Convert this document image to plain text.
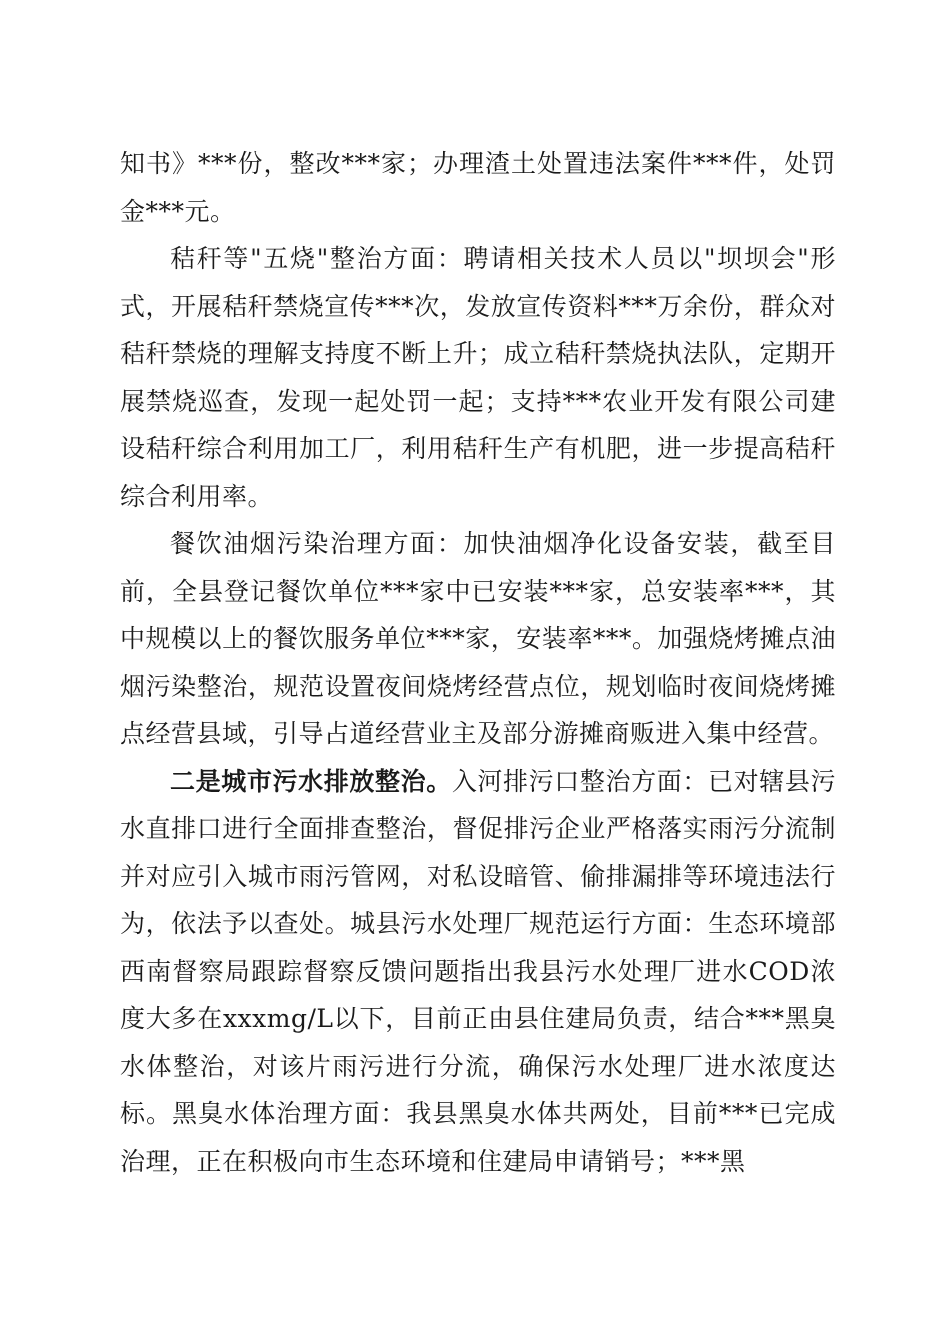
知书》***份，整改***家；办理渣土处置违法案件***件，处罚金***元。

秸秆等"五烧"整治方面：聘请相关技术人员以"坝坝会"形式，开展秸秆禁烧宣传***次，发放宣传资料***万余份，群众对秸秆禁烧的理解支持度不断上升；成立秸秆禁烧执法队，定期开展禁烧巡查，发现一起处罚一起；支持***农业开发有限公司建设秸秆综合利用加工厂，利用秸秆生产有机肥，进一步提高秸秆综合利用率。

餐饮油烟污染治理方面：加快油烟净化设备安装，截至目前，全县登记餐饮单位***家中已安装***家，总安装率***，其中规模以上的餐饮服务单位***家，安装率***。加强烧烤摊点油烟污染整治，规范设置夜间烧烤经营点位，规划临时夜间烧烤摊点经营县域，引导占道经营业主及部分游摊商贩进入集中经营。

二是城市污水排放整治。入河排污口整治方面：已对辖县污水直排口进行全面排查整治，督促排污企业严格落实雨污分流制并对应引入城市雨污管网，对私设暗管、偷排漏排等环境违法行为，依法予以查处。城县污水处理厂规范运行方面：生态环境部西南督察局跟踪督察反馈问题指出我县污水处理厂进水COD浓度大多在xxxmg/L以下，目前正由县住建局负责，结合***黑臭水体整治，对该片雨污进行分流，确保污水处理厂进水浓度达标。黑臭水体治理方面：我县黑臭水体共两处，目前***已完成治理，正在积极向市生态环境和住建局申请销号；***黑
